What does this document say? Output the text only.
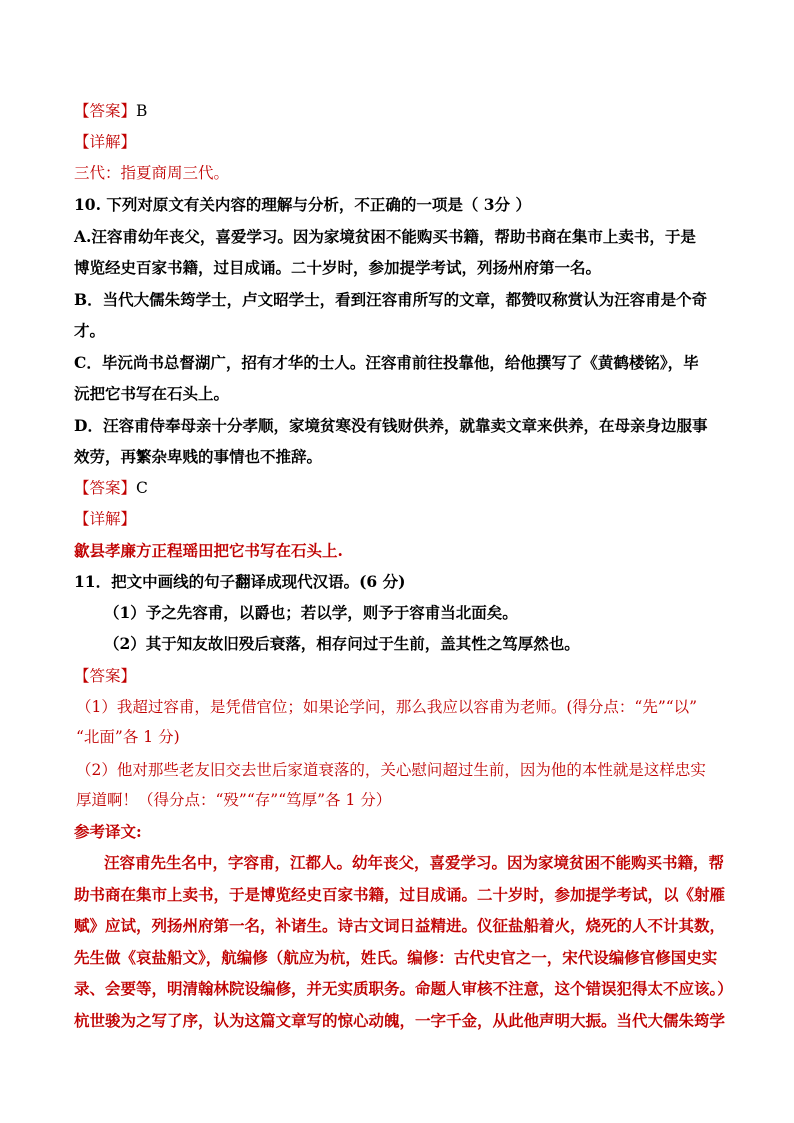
【答案】B
【详解】
三代：指夏商周三代。
10. 下列对原文有关内容的理解与分析，不正确的一项是（ 3分 ）
A.汪容甫幼年丧父，喜爱学习。因为家境贫困不能购买书籍，帮助书商在集市上卖书，于是
博览经史百家书籍，过目成诵。二十岁时，参加提学考试，列扬州府第一名。
B．当代大儒朱筠学士，卢文昭学士，看到汪容甫所写的文章，都赞叹称赏认为汪容甫是个奇
才。
C．毕沅尚书总督湖广，招有才华的士人。汪容甫前往投靠他，给他撰写了《黄鹤楼铭》，毕
沅把它书写在石头上。
D．汪容甫侍奉母亲十分孝顺，家境贫寒没有钱财供养，就靠卖文章来供养，在母亲身边服事
效劳，再繁杂卑贱的事情也不推辞。
【答案】C
【详解】
歙县孝廉方正程瑶田把它书写在石头上.
11．把文中画线的句子翻译成现代汉语。(6 分)
（1）予之先容甫，以爵也；若以学，则予于容甫当北面矣。
（2）其于知友故旧殁后衰落，相存问过于生前，盖其性之笃厚然也。
【答案】
（1）我超过容甫，是凭借官位；如果论学问，那么我应以容甫为老师。(得分点：“先”“以”
“北面”各 1 分)
（2）他对那些老友旧交去世后家道衰落的，关心慰问超过生前，因为他的本性就是这样忠实
厚道啊！（得分点：“殁”“存”“笃厚”各 1 分）
参考译文:
汪容甫先生名中，字容甫，江都人。幼年丧父，喜爱学习。因为家境贫困不能购买书籍，帮
助书商在集市上卖书，于是博览经史百家书籍，过目成诵。二十岁时，参加提学考试，以《射雁
赋》应试，列扬州府第一名，补诸生。诗古文词日益精进。仪征盐船着火，烧死的人不计其数，
先生做《哀盐船文》，航编修（航应为杭，姓氏。编修：古代史官之一，宋代设编修官修国史实
录、会要等，明清翰林院设编修，并无实质职务。命题人审核不注意，这个错误犯得太不应该。）
杭世骏为之写了序，认为这篇文章写的惊心动魄，一字千金，从此他声明大振。当代大儒朱筠学
